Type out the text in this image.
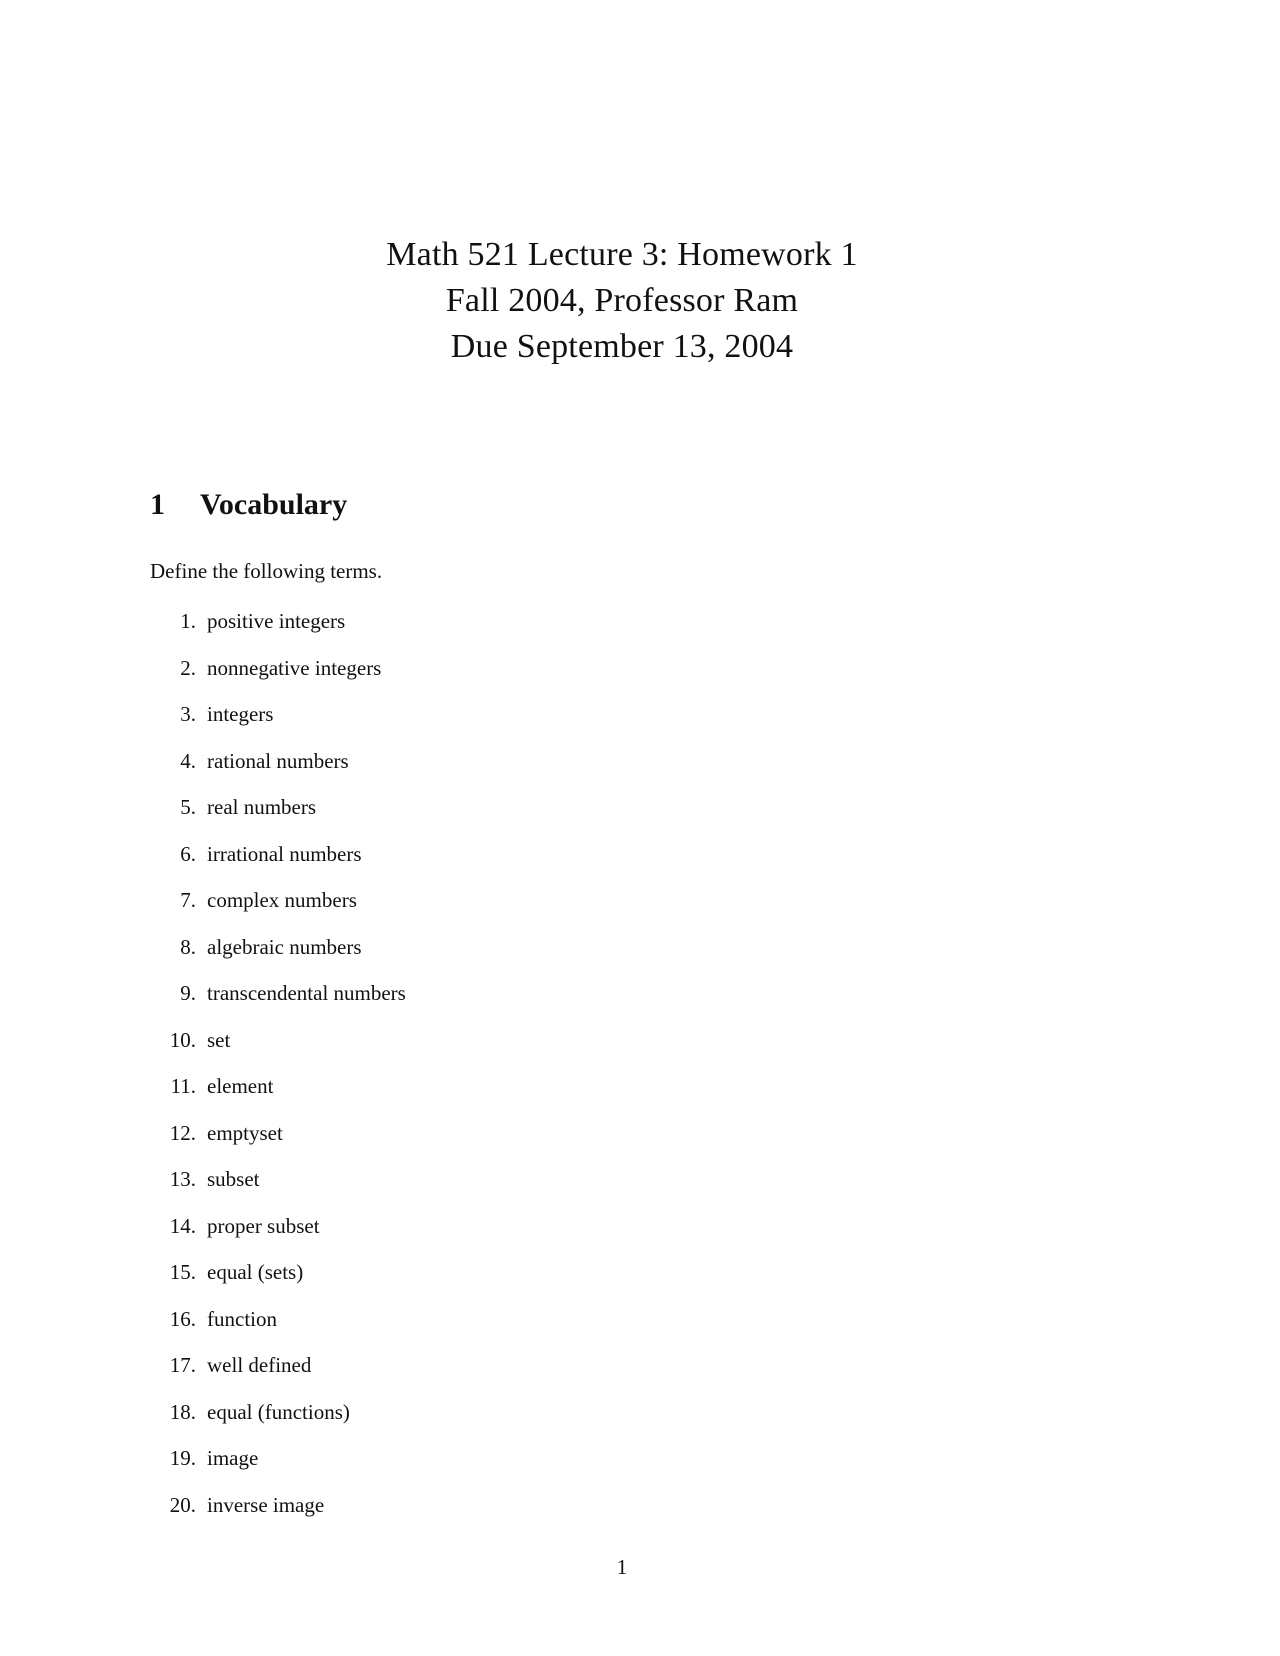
Math 521 Lecture 3: Homework 1
Fall 2004, Professor Ram
Due September 13, 2004
1 Vocabulary
Define the following terms.
1. positive integers
2. nonnegative integers
3. integers
4. rational numbers
5. real numbers
6. irrational numbers
7. complex numbers
8. algebraic numbers
9. transcendental numbers
10. set
11. element
12. emptyset
13. subset
14. proper subset
15. equal (sets)
16. function
17. well defined
18. equal (functions)
19. image
20. inverse image
1
